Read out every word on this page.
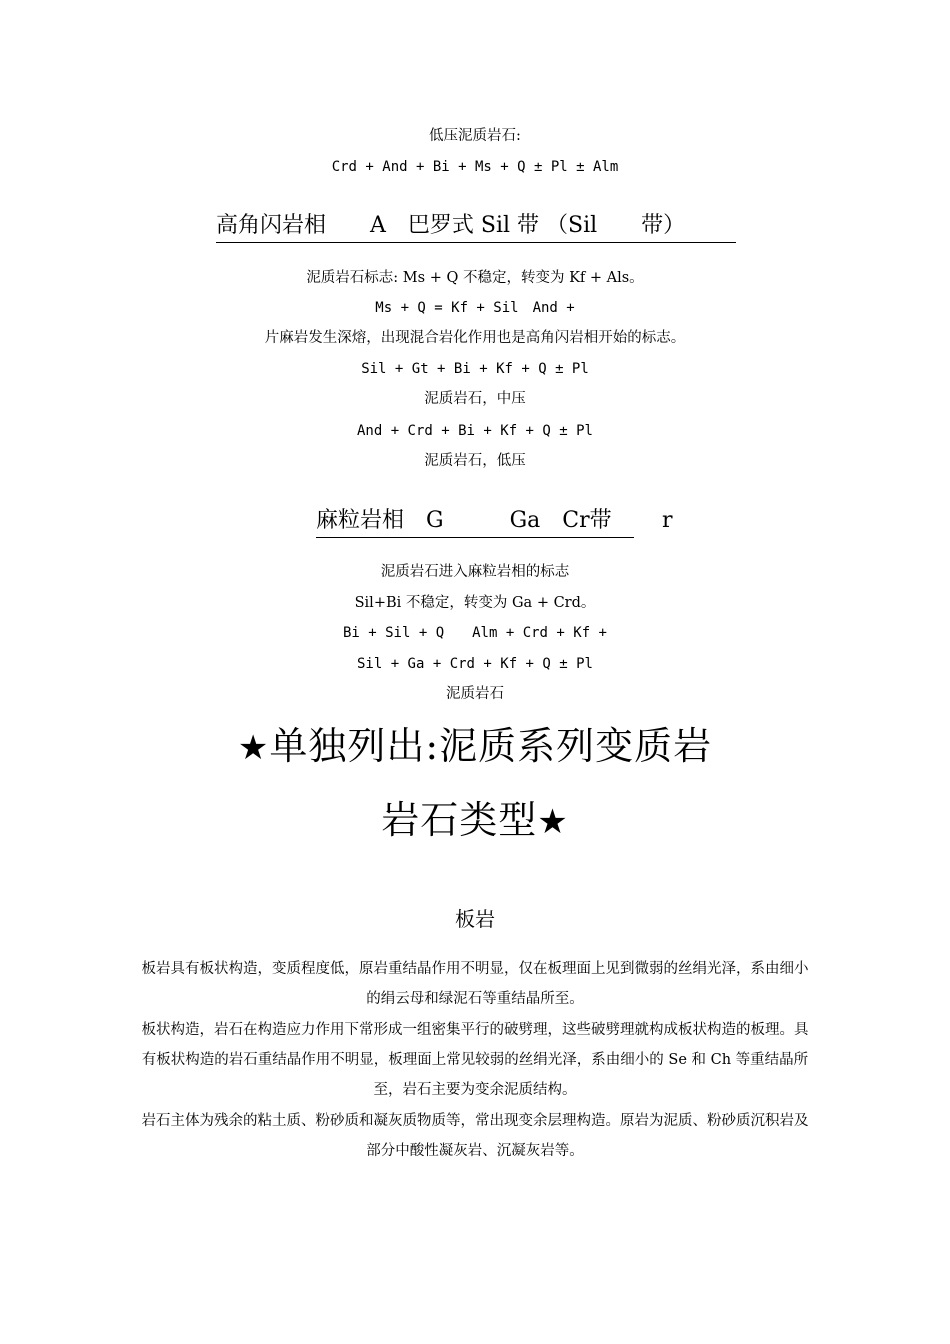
低压泥质岩石:
Crd + And + Bi + Ms + Q ± Pl ± Alm
高角闪岩相　　A　巴罗式 Sil 带 （Sil　　带）
泥质岩石标志: Ms + Q 不稳定，转变为 Kf + Als。
Ms + Q = Kf + Sil　And +
片麻岩发生深熔，出现混合岩化作用也是高角闪岩相开始的标志。
Sil + Gt + Bi + Kf + Q ± Pl
泥质岩石，中压
And + Crd + Bi + Kf + Q ± Pl
泥质岩石，低压
麻粒岩相　G　　　Ga　Cr带	r
泥质岩石进入麻粒岩相的标志
Sil+Bi 不稳定，转变为 Ga + Crd。
Bi + Sil + Q　　Alm + Crd + Kf +
Sil + Ga + Crd + Kf + Q ± Pl
泥质岩石
★单独列出:泥质系列变质岩
岩石类型★
板岩
板岩具有板状构造，变质程度低，原岩重结晶作用不明显，仅在板理面上见到微弱的丝绢光泽，系由细小的绢云母和绿泥石等重结晶所至。
板状构造，岩石在构造应力作用下常形成一组密集平行的破劈理，这些破劈理就构成板状构造的板理。具有板状构造的岩石重结晶作用不明显，板理面上常见较弱的丝绢光泽，系由细小的 Se 和 Ch 等重结晶所至，岩石主要为变余泥质结构。
岩石主体为残余的粘土质、粉砂质和凝灰质物质等，常出现变余层理构造。原岩为泥质、粉砂质沉积岩及部分中酸性凝灰岩、沉凝灰岩等。
